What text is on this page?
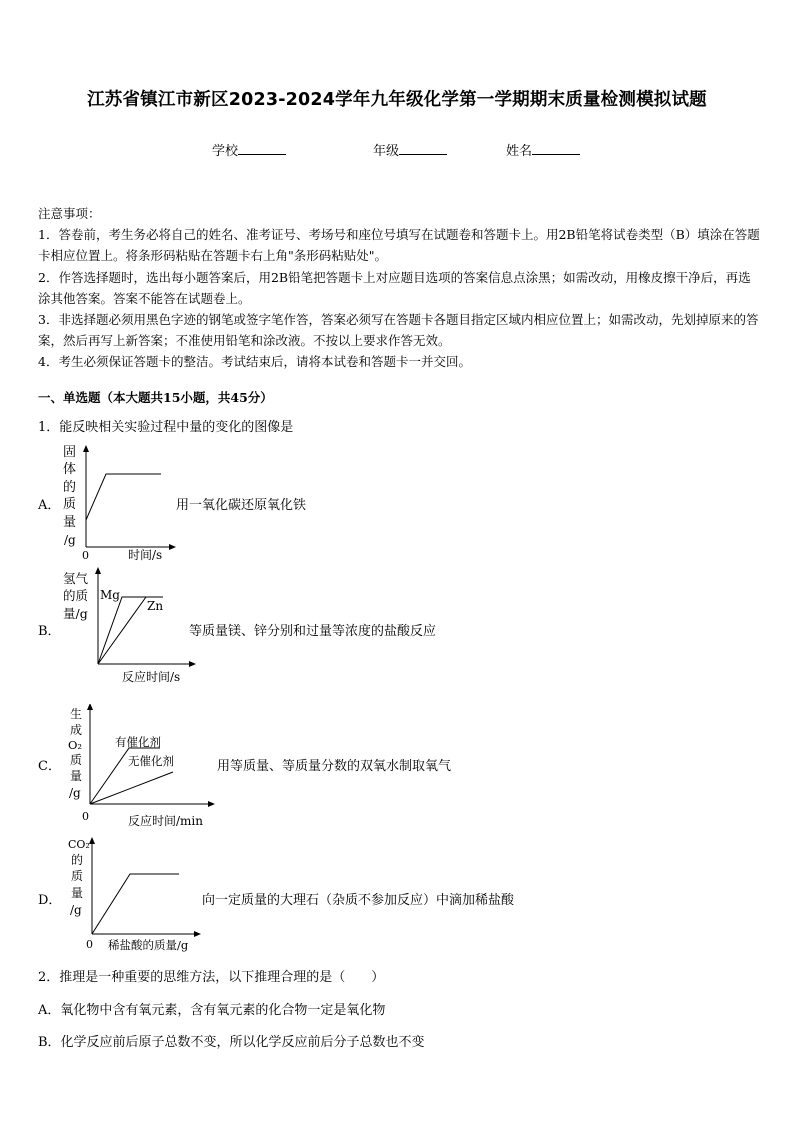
江苏省镇江市新区2023-2024学年九年级化学第一学期期末质量检测模拟试题
学校	年级	姓名

注意事项：

1．答卷前，考生务必将自己的姓名、准考证号、考场号和座位号填写在试题卷和答题卡上。用2B铅笔将试卷类型（B）填涂在答题卡相应位置上。将条形码粘贴在答题卡右上角"条形码粘贴处"。

2．作答选择题时，选出每小题答案后，用2B铅笔把答题卡上对应题目选项的答案信息点涂黑；如需改动，用橡皮擦干净后，再选涂其他答案。答案不能答在试题卷上。

3．非选择题必须用黑色字迹的钢笔或签字笔作答，答案必须写在答题卡各题目指定区域内相应位置上；如需改动，先划掉原来的答案，然后再写上新答案；不准使用铅笔和涂改液。不按以上要求作答无效。

4．考生必须保证答题卡的整洁。考试结束后，请将本试卷和答题卡一并交回。

一、单选题（本大题共15小题，共45分）
1．能反映相关实验过程中量的变化的图像是
A．
固
体
的
质
量
/g
0	时间/s
用一氧化碳还原氧化铁
B．
氢气
的质
量/g
Mg
Zn
反应时间/s
等质量镁、锌分别和过量等浓度的盐酸反应
C．
生
成
O₂
质
量
/g
0
有催化剂
无催化剂
反应时间/min
用等质量、等质量分数的双氧水制取氧气
D．
CO₂
的
质
量
/g
0 稀盐酸的质量/g
向一定质量的大理石（杂质不参加反应）中滴加稀盐酸
2．推理是一种重要的思维方法，以下推理合理的是（　　）
A．氧化物中含有氧元素，含有氧元素的化合物一定是氧化物
B．化学反应前后原子总数不变，所以化学反应前后分子总数也不变
